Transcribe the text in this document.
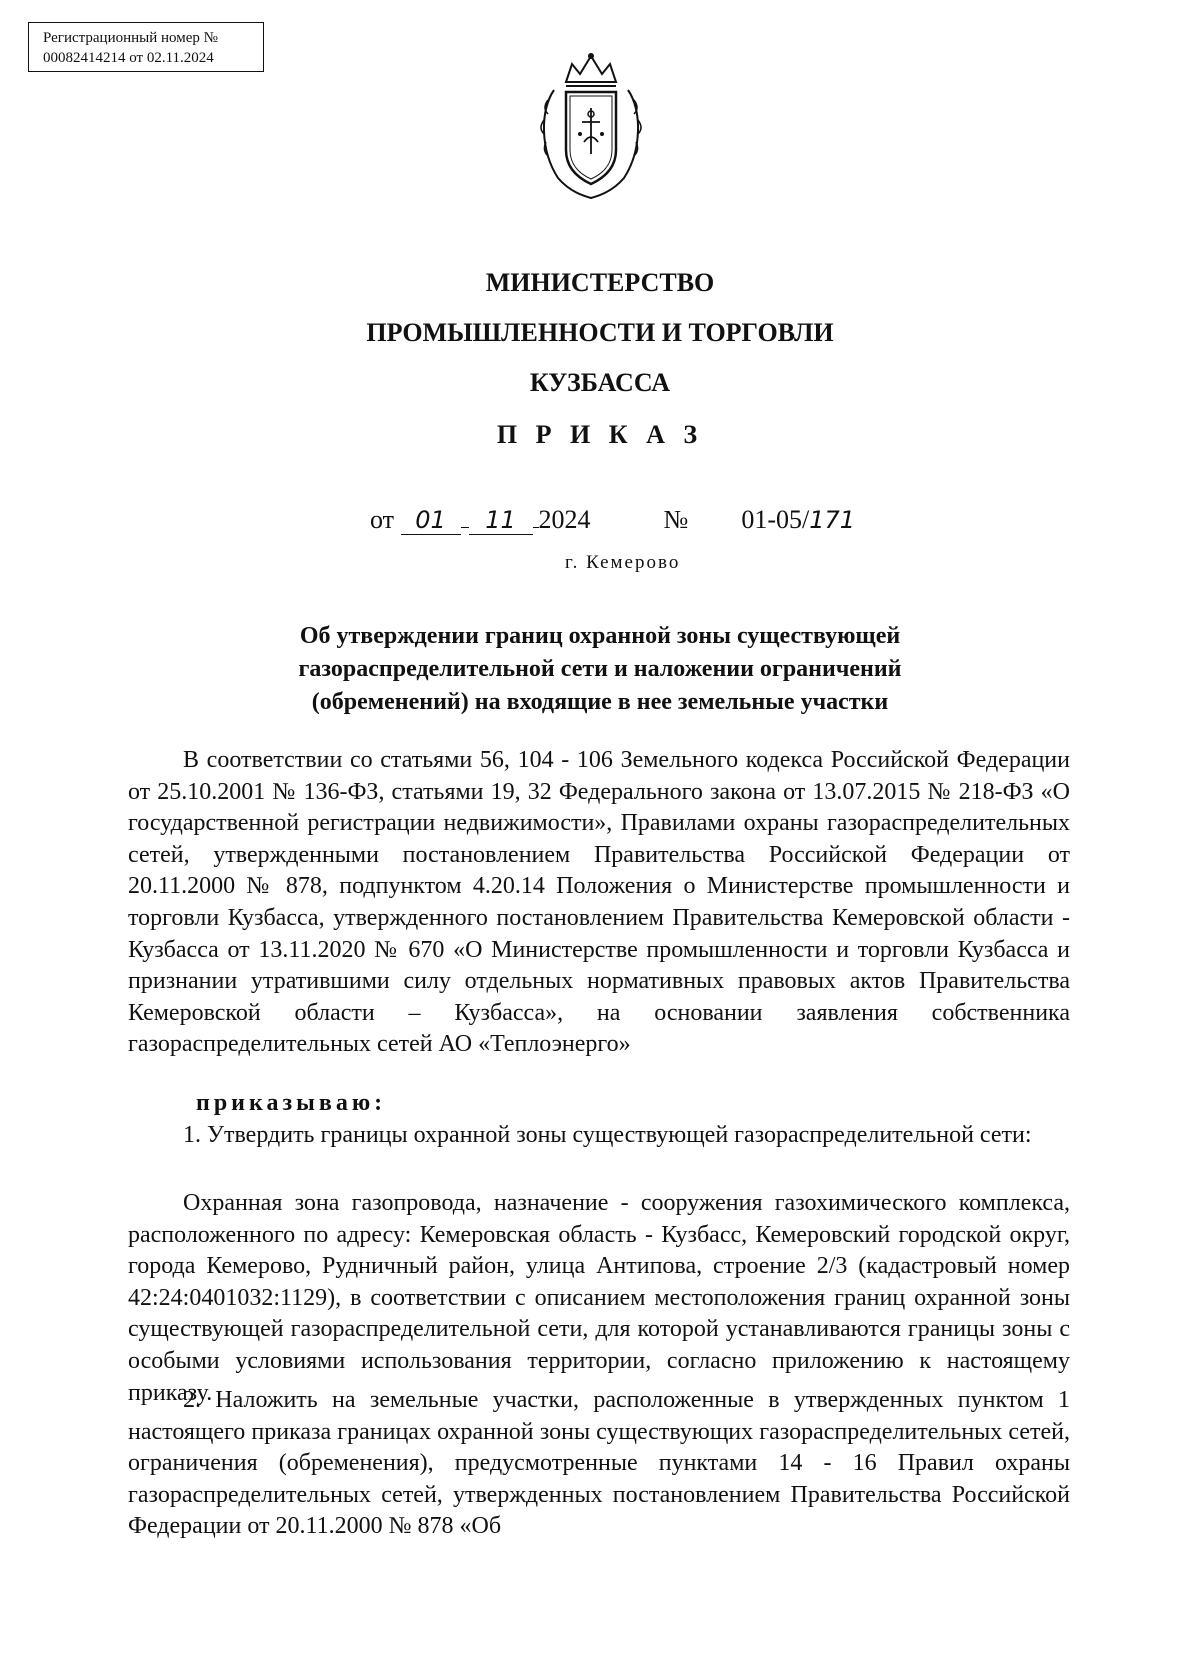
Регистрационный номер №
00082414214 от 02.11.2024
МИНИСТЕРСТВО
ПРОМЫШЛЕННОСТИ И ТОРГОВЛИ
КУЗБАССА
П Р И К А З
от 01 11 2024	№ 01-05/171
г. Кемерово
Об утверждении границ охранной зоны существующей
газораспределительной сети и наложении ограничений
(обременений) на входящие в нее земельные участки

В соответствии со статьями 56, 104 - 106 Земельного кодекса Российской Федерации от 25.10.2001 № 136-ФЗ, статьями 19, 32 Федерального закона от 13.07.2015 № 218-ФЗ «О государственной регистрации недвижимости», Правилами охраны газораспределительных сетей, утвержденными постановлением Правительства Российской Федерации от 20.11.2000 № 878, подпунктом 4.20.14 Положения о Министерстве промышленности и торговли Кузбасса, утвержденного постановлением Правительства Кемеровской области - Кузбасса от 13.11.2020 № 670 «О Министерстве промышленности и торговли Кузбасса и признании утратившими силу отдельных нормативных правовых актов Правительства Кемеровской области – Кузбасса», на основании заявления собственника газораспределительных сетей АО «Теплоэнерго»

приказываю:

1. Утвердить границы охранной зоны существующей газораспределительной сети:

Охранная зона газопровода, назначение - сооружения газохимического комплекса, расположенного по адресу: Кемеровская область - Кузбасс, Кемеровский городской округ, города Кемерово, Рудничный район, улица Антипова, строение 2/3 (кадастровый номер 42:24:0401032:1129), в соответствии с описанием местоположения границ охранной зоны существующей газораспределительной сети, для которой устанавливаются границы зоны с особыми условиями использования территории, согласно приложению к настоящему приказу.

2. Наложить на земельные участки, расположенные в утвержденных пунктом 1 настоящего приказа границах охранной зоны существующих газораспределительных сетей, ограничения (обременения), предусмотренные пунктами 14 - 16 Правил охраны газораспределительных сетей, утвержденных постановлением Правительства Российской Федерации от 20.11.2000 № 878 «Об
